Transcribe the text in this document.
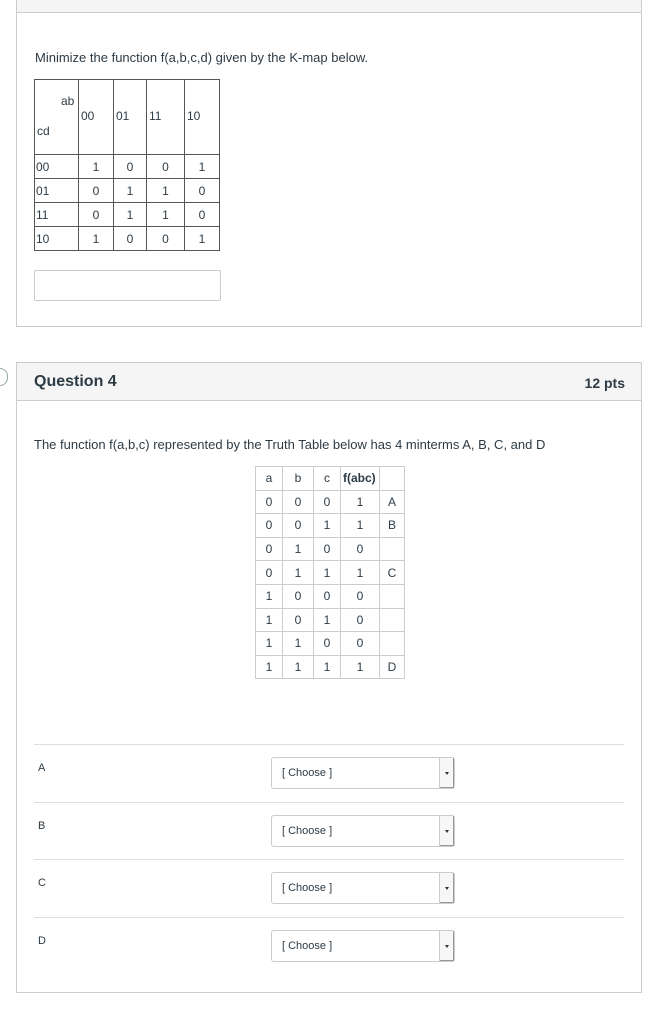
Minimize the function f(a,b,c,d) given by the K-map below.
ab
cd	00	01	11	10
00	1	0	0	1
01	0	1	1	0
11	0	1	1	0
10	1	0	0	1
Question 4	12 pts
The function f(a,b,c) represented by the Truth Table below has 4 minterms A, B, C, and D
a	b	c	f(abc)	
0	0	0	1	A
0	0	1	1	B
0	1	0	0	
0	1	1	1	C
1	0	0	0	
1	0	1	0	
1	1	0	0	
1	1	1	1	D
A	[ Choose ]
B	[ Choose ]
C	[ Choose ]
D	[ Choose ]
